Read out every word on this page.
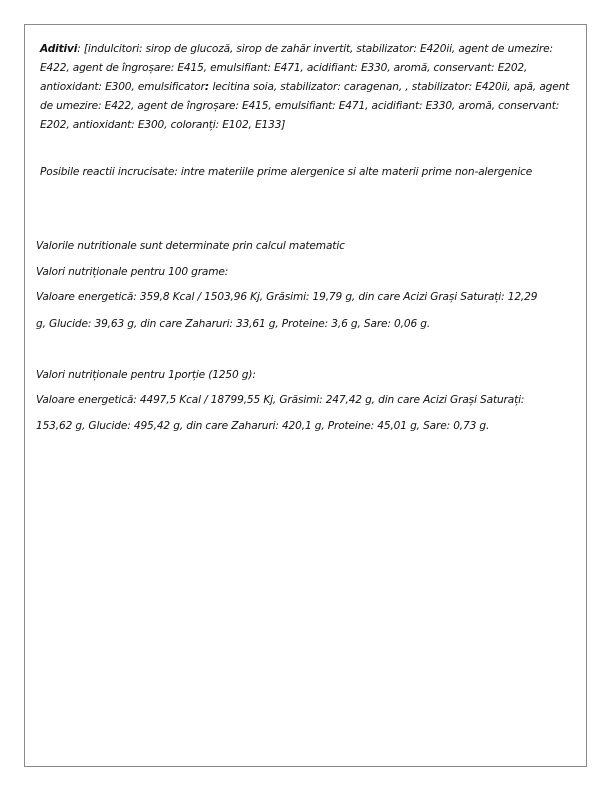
Aditivi: [indulcitori: sirop de glucoză, sirop de zahăr invertit, stabilizator: E420ii, agent de umezire: E422, agent de îngroșare: E415, emulsifiant: E471, acidifiant: E330, aromă, conservant: E202, antioxidant: E300, emulsificator: lecitina soia, stabilizator: caragenan, , stabilizator: E420ii, apă, agent de umezire: E422, agent de îngroșare: E415, emulsifiant: E471, acidifiant: E330, aromă, conservant: E202, antioxidant: E300, coloranți: E102, E133]
Posibile reactii incrucisate: intre materiile prime alergenice si alte materii prime non-alergenice
Valorile nutritionale sunt determinate prin calcul matematic
Valori nutriționale pentru 100 grame:
Valoare energetică: 359,8 Kcal / 1503,96 Kj, Grăsimi: 19,79 g, din care Acizi Grași Saturați: 12,29
g, Glucide: 39,63 g, din care Zaharuri: 33,61 g, Proteine: 3,6 g, Sare: 0,06 g.
Valori nutriționale pentru 1porție (1250 g):
Valoare energetică: 4497,5 Kcal / 18799,55 Kj, Grăsimi: 247,42 g, din care Acizi Grași Saturați:
153,62 g, Glucide: 495,42 g, din care Zaharuri: 420,1 g, Proteine: 45,01 g, Sare: 0,73 g.
